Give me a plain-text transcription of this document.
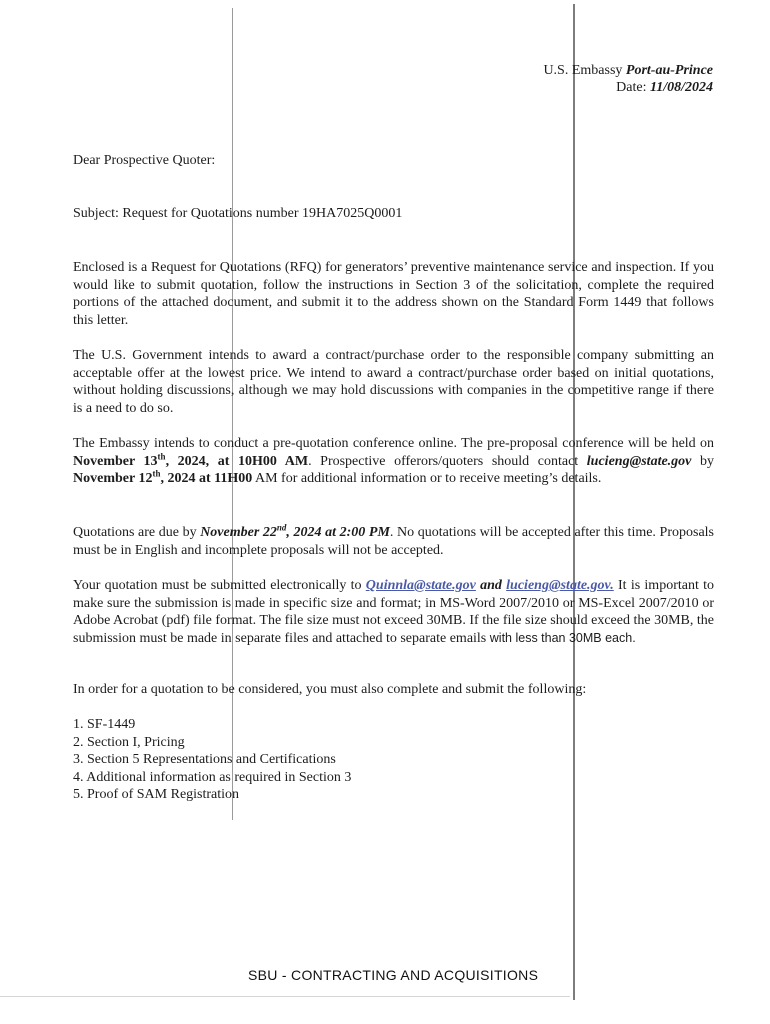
U.S. Embassy Port-au-Prince
Date: 11/08/2024
Dear Prospective Quoter:
Subject: Request for Quotations number 19HA7025Q0001
Enclosed is a Request for Quotations (RFQ) for generators’ preventive maintenance service and inspection. If you would like to submit quotation, follow the instructions in Section 3 of the solicitation, complete the required portions of the attached document, and submit it to the address shown on the Standard Form 1449 that follows this letter.
The U.S. Government intends to award a contract/purchase order to the responsible company submitting an acceptable offer at the lowest price. We intend to award a contract/purchase order based on initial quotations, without holding discussions, although we may hold discussions with companies in the competitive range if there is a need to do so.
The Embassy intends to conduct a pre-quotation conference online. The pre-proposal conference will be held on November 13th, 2024, at 10H00 AM. Prospective offerors/quoters should contact lucieng@state.gov by November 12th, 2024 at 11H00 AM for additional information or to receive meeting’s details.
Quotations are due by November 22nd, 2024 at 2:00 PM. No quotations will be accepted after this time. Proposals must be in English and incomplete proposals will not be accepted.
Your quotation must be submitted electronically to Quinnla@state.gov and lucieng@state.gov. It is important to make sure the submission is made in specific size and format; in MS-Word 2007/2010 or MS-Excel 2007/2010 or Adobe Acrobat (pdf) file format. The file size must not exceed 30MB. If the file size should exceed the 30MB, the submission must be made in separate files and attached to separate emails with less than 30MB each.
In order for a quotation to be considered, you must also complete and submit the following:
1. SF-1449
2. Section I, Pricing
3. Section 5 Representations and Certifications
4. Additional information as required in Section 3
5. Proof of SAM Registration
SBU - CONTRACTING AND ACQUISITIONS
